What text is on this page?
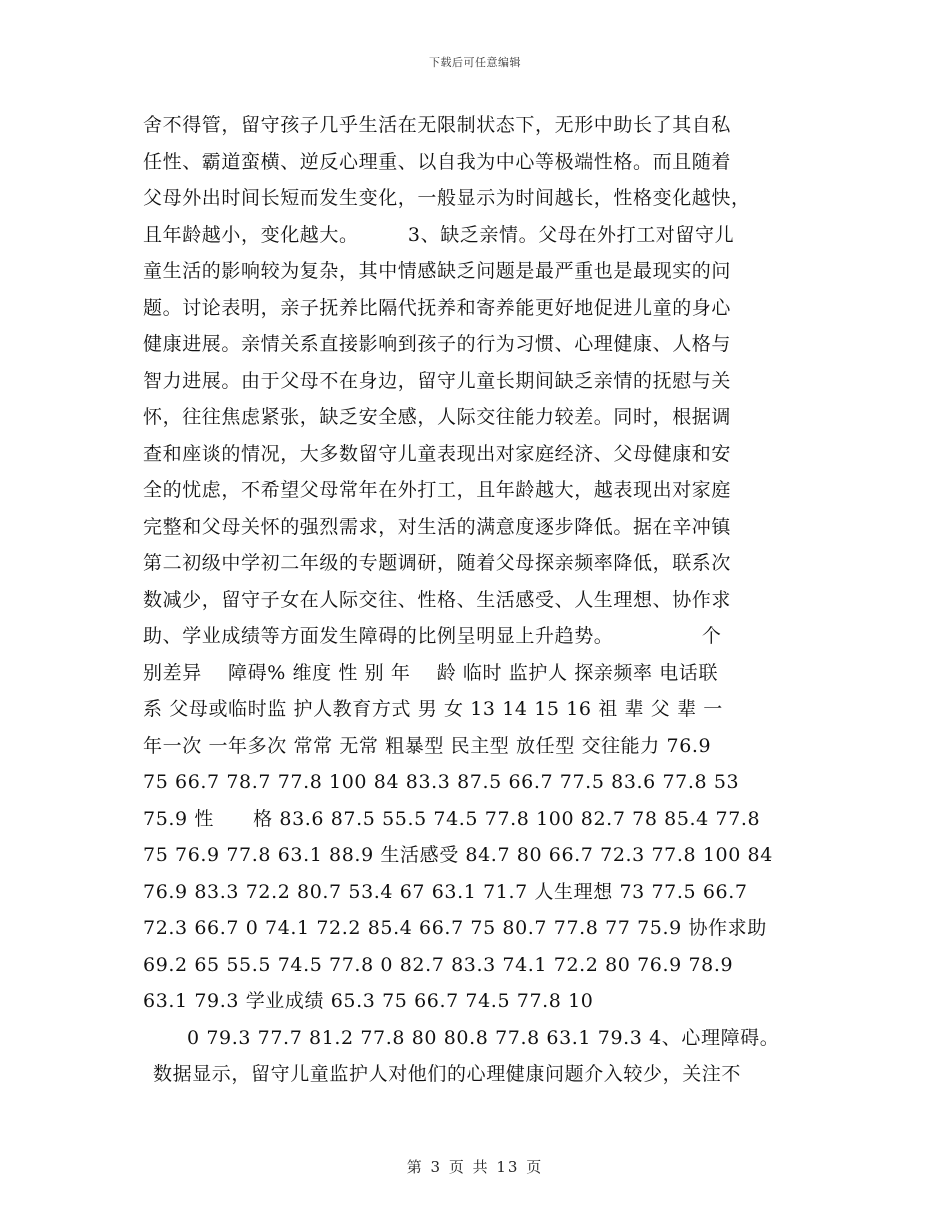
下载后可任意编辑
舍不得管，留守孩子几乎生活在无限制状态下，无形中助长了其自私
任性、霸道蛮横、逆反心理重、以自我为中心等极端性格。而且随着
父母外出时间长短而发生变化，一般显示为时间越长，性格变化越快，
且年龄越小，变化越大。　　　3、缺乏亲情。父母在外打工对留守儿
童生活的影响较为复杂，其中情感缺乏问题是最严重也是最现实的问
题。讨论表明，亲子抚养比隔代抚养和寄养能更好地促进儿童的身心
健康进展。亲情关系直接影响到孩子的行为习惯、心理健康、人格与
智力进展。由于父母不在身边，留守儿童长期间缺乏亲情的抚慰与关
怀，往往焦虑紧张，缺乏安全感，人际交往能力较差。同时，根据调
查和座谈的情况，大多数留守儿童表现出对家庭经济、父母健康和安
全的忧虑，不希望父母常年在外打工，且年龄越大，越表现出对家庭
完整和父母关怀的强烈需求，对生活的满意度逐步降低。据在辛冲镇
第二初级中学初二年级的专题调研，随着父母探亲频率降低，联系次
数减少，留守子女在人际交往、性格、生活感受、人生理想、协作求
助、学业成绩等方面发生障碍的比例呈明显上升趋势。　　　　　个
别差异　 障碍% 维度 性 别 年　 龄 临时 监护人 探亲频率 电话联
系 父母或临时监 护人教育方式 男 女 13 14 15 16 祖 辈 父 辈 一
年一次 一年多次 常常 无常 粗暴型 民主型 放任型 交往能力 76.9
75 66.7 78.7 77.8 100 84 83.3 87.5 66.7 77.5 83.6 77.8 53
75.9 性　　格 83.6 87.5 55.5 74.5 77.8 100 82.7 78 85.4 77.8
75 76.9 77.8 63.1 88.9 生活感受 84.7 80 66.7 72.3 77.8 100 84
76.9 83.3 72.2 80.7 53.4 67 63.1 71.7 人生理想 73 77.5 66.7
72.3 66.7 0 74.1 72.2 85.4 66.7 75 80.7 77.8 77 75.9 协作求助
69.2 65 55.5 74.5 77.8 0 82.7 83.3 74.1 72.2 80 76.9 78.9
63.1 79.3 学业成绩 65.3 75 66.7 74.5 77.8 10
0 79.3 77.7 81.2 77.8 80 80.8 77.8 63.1 79.3 4、心理障碍。
数据显示，留守儿童监护人对他们的心理健康问题介入较少，关注不
第 3 页 共 13 页
